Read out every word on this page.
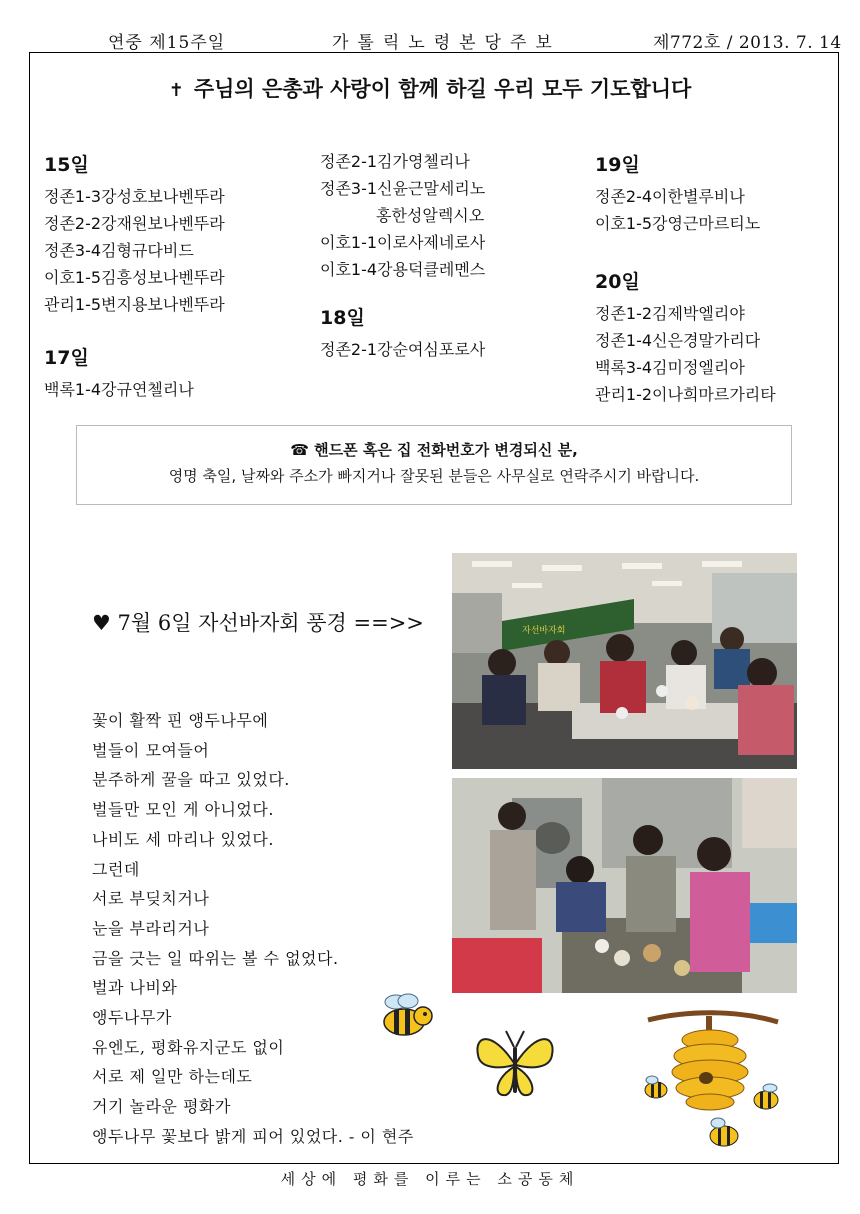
연중 제15주일	가톨릭노령본당주보	제772호 / 2013. 7. 14
✝ 주님의 은총과 사랑이 함께 하길 우리 모두 기도합니다
15일
정존1-3강성호보나벤뚜라
정존2-2강재원보나벤뚜라
정존3-4김형규다비드
이호1-5김흥성보나벤뚜라
관리1-5변지용보나벤뚜라
17일
백록1-4강규연첼리나
정존2-1김가영첼리나
정존3-1신윤근말세리노
홍한성알렉시오
이호1-1이로사제네로사
이호1-4강용덕클레멘스
18일
정존2-1강순여심포로사
19일
정존2-4이한별루비나
이호1-5강영근마르티노
20일
정존1-2김제박엘리야
정존1-4신은경말가리다
백록3-4김미정엘리아
관리1-2이나희마르가리타
☎ 핸드폰 혹은 집 전화번호가 변경되신 분,
영명 축일, 날짜와 주소가 빠지거나 잘못된 분들은 사무실로 연락주시기 바랍니다.
♥ 7월 6일 자선바자회 풍경 ==>>
꽃이 활짝 핀 앵두나무에
벌들이 모여들어
분주하게 꿀을 따고 있었다.
벌들만 모인 게 아니었다.
나비도 세 마리나 있었다.
그런데
서로 부딪치거나
눈을 부라리거나
금을 긋는 일 따위는 볼 수 없었다.
벌과 나비와
앵두나무가
유엔도, 평화유지군도 없이
서로 제 일만 하는데도
거기 놀라운 평화가
앵두나무 꽃보다 밝게 피어 있었다. - 이 현주
자선바자회
세상에 평화를 이루는 소공동체
